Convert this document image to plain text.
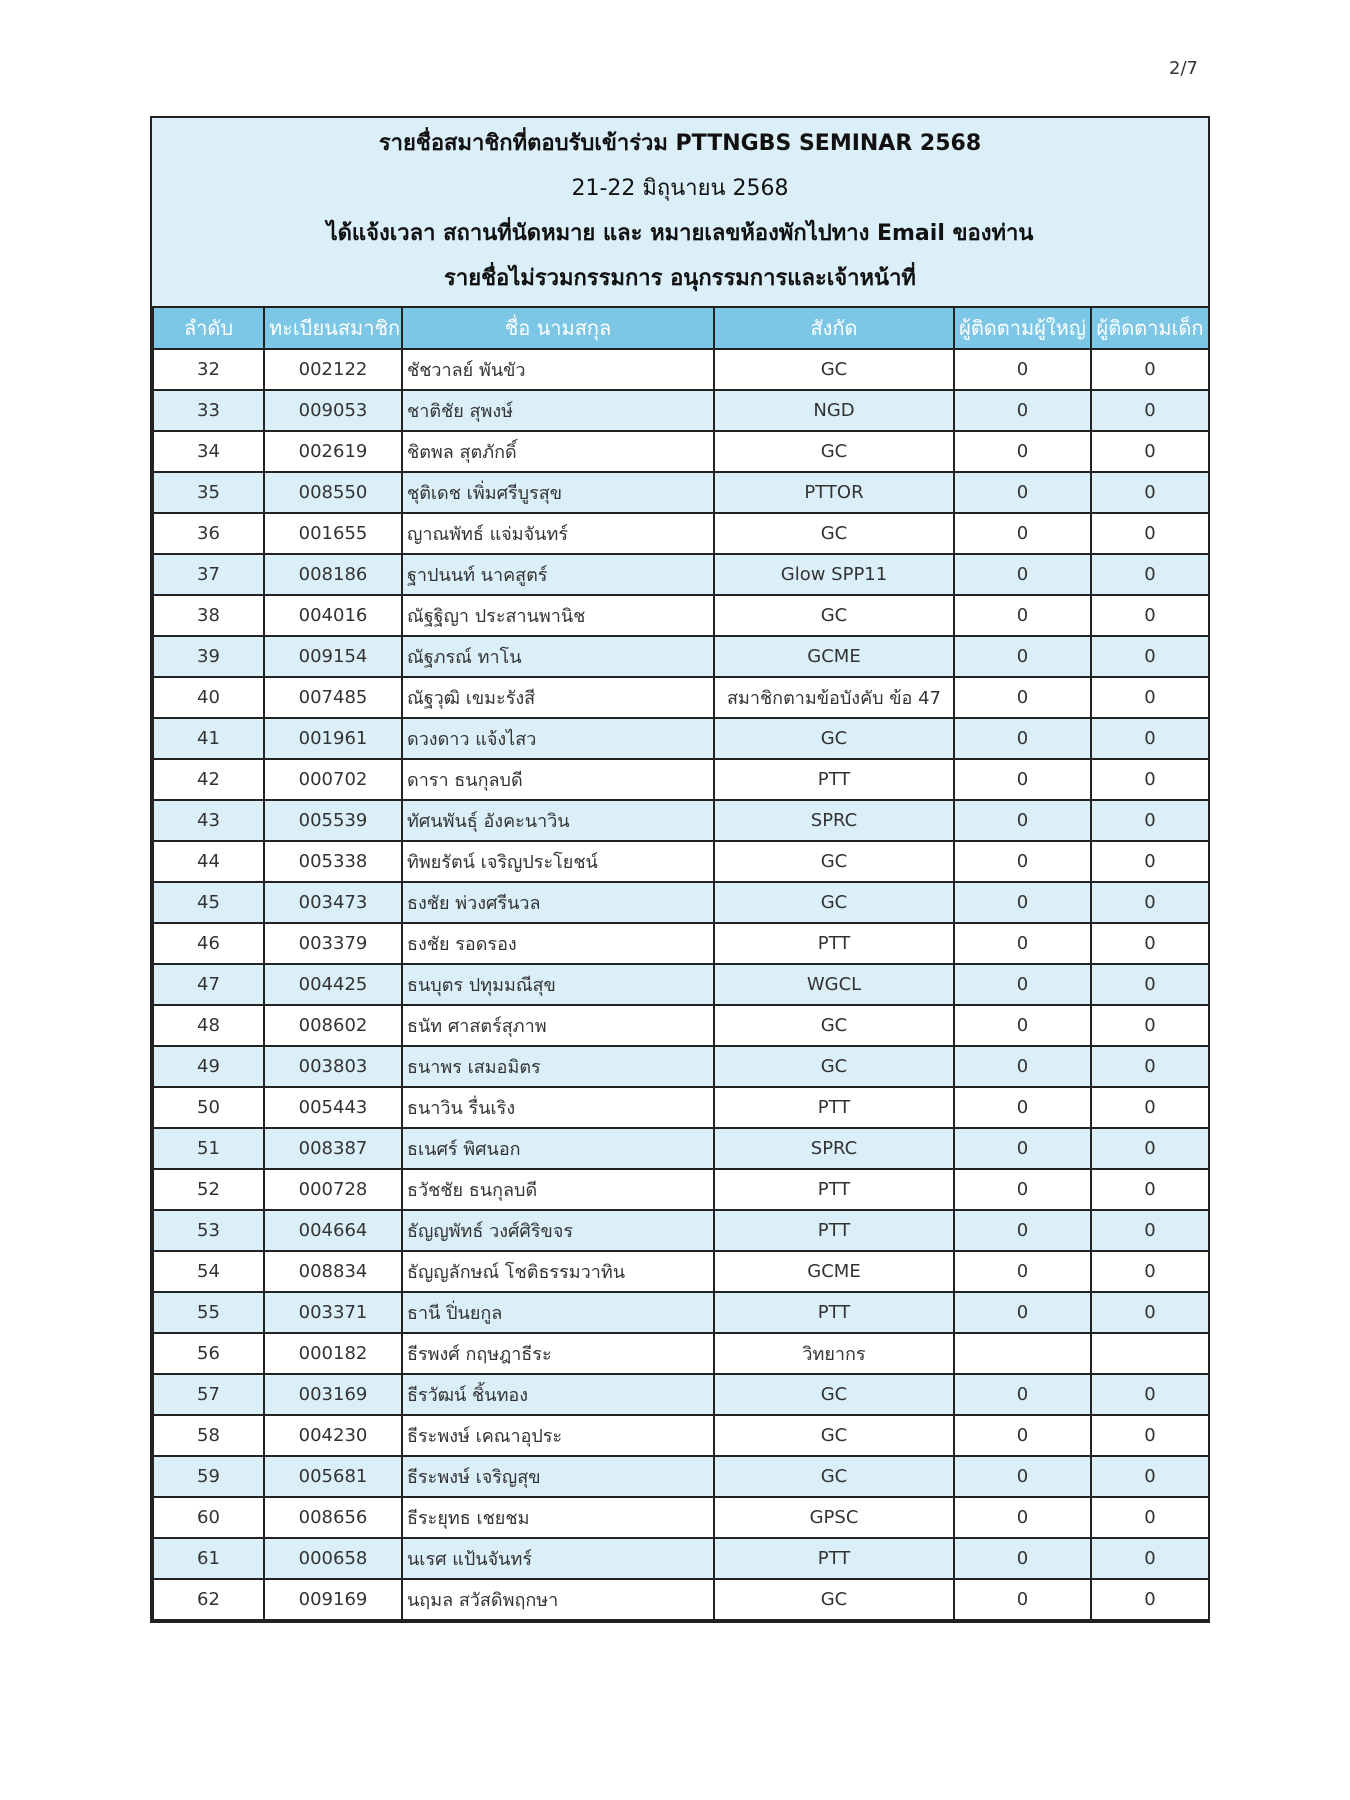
2/7
รายชื่อสมาชิกที่ตอบรับเข้าร่วม PTTNGBS SEMINAR 2568
21-22 มิถุนายน 2568
ได้แจ้งเวลา สถานที่นัดหมาย และ หมายเลขห้องพักไปทาง Email ของท่าน
รายชื่อไม่รวมกรรมการ อนุกรรมการและเจ้าหน้าที่
ลำดับ	ทะเบียนสมาชิก	ชื่อ นามสกุล	สังกัด	ผู้ติดตามผู้ใหญ่	ผู้ติดตามเด็ก
32	002122	ชัชวาลย์ พันขัว	GC	0	0
33	009053	ชาติชัย สุพงษ์	NGD	0	0
34	002619	ชิตพล สุตภักดิ์	GC	0	0
35	008550	ชุติเดช เพิ่มศรีบูรสุข	PTTOR	0	0
36	001655	ญาณพัทธ์ แจ่มจันทร์	GC	0	0
37	008186	ฐาปนนท์ นาคสูตร์	Glow SPP11	0	0
38	004016	ณัฐฐิญา ประสานพานิช	GC	0	0
39	009154	ณัฐภรณ์ ทาโน	GCME	0	0
40	007485	ณัฐวุฒิ เขมะรังสี	สมาชิกตามข้อบังคับ ข้อ 47	0	0
41	001961	ดวงดาว แจ้งไสว	GC	0	0
42	000702	ดารา ธนกุลบดี	PTT	0	0
43	005539	ทัศนพันธุ์ อังคะนาวิน	SPRC	0	0
44	005338	ทิพยรัตน์ เจริญประโยชน์	GC	0	0
45	003473	ธงชัย พ่วงศรีนวล	GC	0	0
46	003379	ธงชัย รอดรอง	PTT	0	0
47	004425	ธนบุตร ปทุมมณีสุข	WGCL	0	0
48	008602	ธนัท ศาสตร์สุภาพ	GC	0	0
49	003803	ธนาพร เสมอมิตร	GC	0	0
50	005443	ธนาวิน รื่นเริง	PTT	0	0
51	008387	ธเนศร์ พิศนอก	SPRC	0	0
52	000728	ธวัชชัย ธนกุลบดี	PTT	0	0
53	004664	ธัญญพัทธ์ วงศ์ศิริขจร	PTT	0	0
54	008834	ธัญญลักษณ์ โชติธรรมวาทิน	GCME	0	0
55	003371	ธานี ปิ่นยกูล	PTT	0	0
56	000182	ธีรพงศ์ กฤษฎาธีระ	วิทยากร		
57	003169	ธีรวัฒน์ ชิ้นทอง	GC	0	0
58	004230	ธีระพงษ์ เคณาอุประ	GC	0	0
59	005681	ธีระพงษ์ เจริญสุข	GC	0	0
60	008656	ธีระยุทธ เชยชม	GPSC	0	0
61	000658	นเรศ แป้นจันทร์	PTT	0	0
62	009169	นฤมล สวัสดิพฤกษา	GC	0	0
